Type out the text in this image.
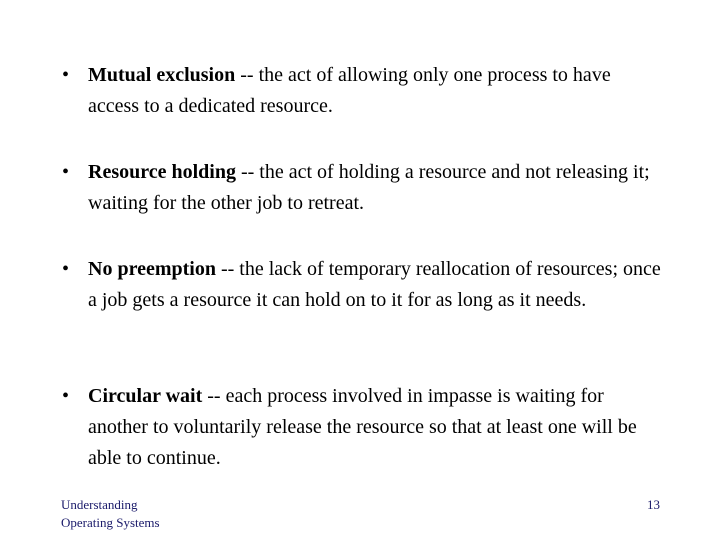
• Mutual exclusion -- the act of allowing only one process to have access to a dedicated resource.
• Resource holding -- the act of holding a resource and not releasing it; waiting for the other job to retreat.
• No preemption -- the lack of temporary reallocation of resources; once a job gets a resource it can hold on to it for as long as it needs.
• Circular wait -- each process involved in impasse is waiting for another to voluntarily release the resource so that at least one will be able to continue.
Understanding
Operating Systems
13
